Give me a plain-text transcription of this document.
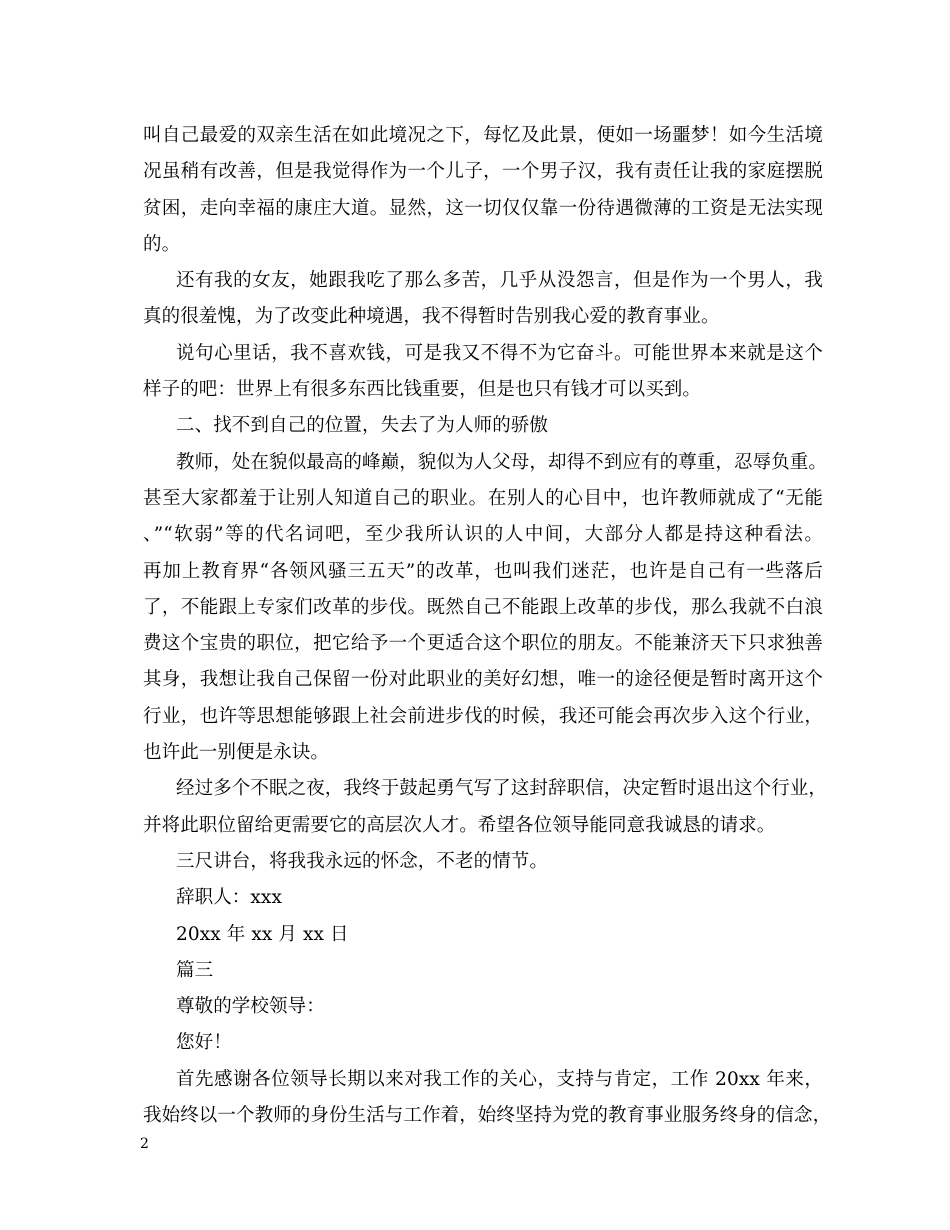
叫自己最爱的双亲生活在如此境况之下，每忆及此景，便如一场噩梦！如今生活境
况虽稍有改善，但是我觉得作为一个儿子，一个男子汉，我有责任让我的家庭摆脱
贫困，走向幸福的康庄大道。显然，这一切仅仅靠一份待遇微薄的工资是无法实现
的。
还有我的女友，她跟我吃了那么多苦，几乎从没怨言，但是作为一个男人，我
真的很羞愧，为了改变此种境遇，我不得暂时告别我心爱的教育事业。
说句心里话，我不喜欢钱，可是我又不得不为它奋斗。可能世界本来就是这个
样子的吧：世界上有很多东西比钱重要，但是也只有钱才可以买到。
二、找不到自己的位置，失去了为人师的骄傲
教师，处在貌似最高的峰巅，貌似为人父母，却得不到应有的尊重，忍辱负重。
甚至大家都羞于让别人知道自己的职业。在别人的心目中，也许教师就成了“无能
、”“软弱”等的代名词吧，至少我所认识的人中间，大部分人都是持这种看法。
再加上教育界“各领风骚三五天”的改革，也叫我们迷茫，也许是自己有一些落后
了，不能跟上专家们改革的步伐。既然自己不能跟上改革的步伐，那么我就不白浪
费这个宝贵的职位，把它给予一个更适合这个职位的朋友。不能兼济天下只求独善
其身，我想让我自己保留一份对此职业的美好幻想，唯一的途径便是暂时离开这个
行业，也许等思想能够跟上社会前进步伐的时候，我还可能会再次步入这个行业，
也许此一别便是永诀。
经过多个不眠之夜，我终于鼓起勇气写了这封辞职信，决定暂时退出这个行业，
并将此职位留给更需要它的高层次人才。希望各位领导能同意我诚恳的请求。
三尺讲台，将我我永远的怀念，不老的情节。
辞职人：xxx
20xx 年 xx 月 xx 日
篇三
尊敬的学校领导：
您好！
首先感谢各位领导长期以来对我工作的关心，支持与肯定，工作 20xx 年来，
我始终以一个教师的身份生活与工作着，始终坚持为党的教育事业服务终身的信念，
2
